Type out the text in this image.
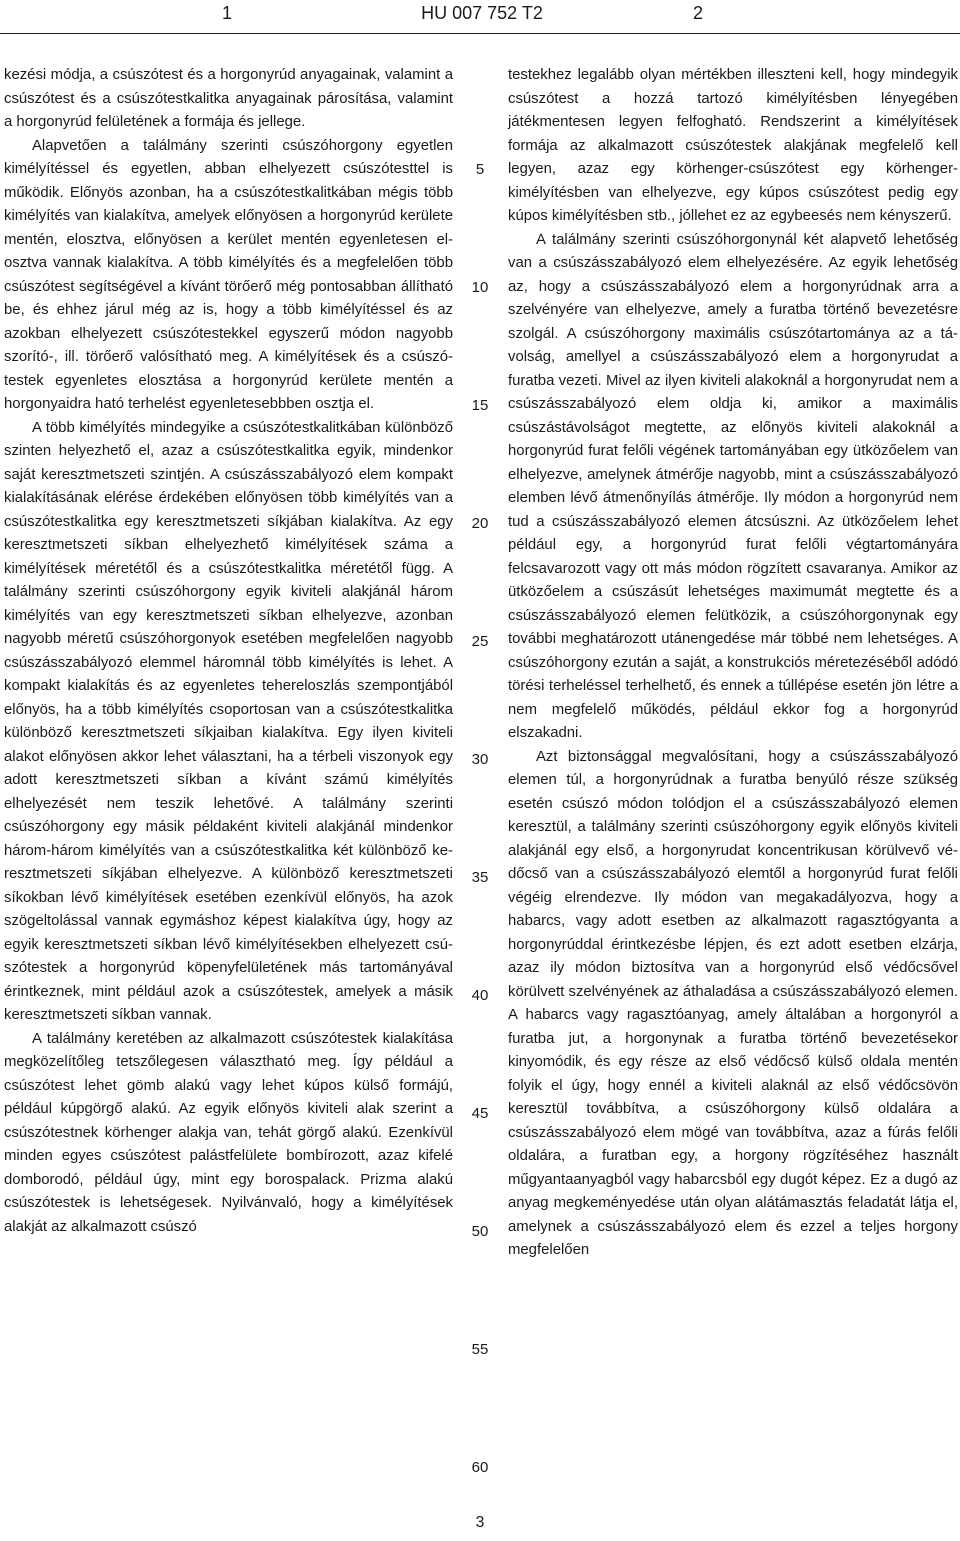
1	HU 007 752 T2	2

kezési módja, a csúszótest és a horgonyrúd anyagainak, valamint a csúszótest és a csúszótestkalitka anyagainak párosítása, valamint a horgonyrúd felületének a formája és jellege.

Alapvetően a találmány szerinti csúszóhorgony egyetlen kimélyítéssel és egyetlen, abban elhelyezett csúszótesttel is működik. Előnyös azonban, ha a csúszótestkalitkában mégis több kimélyítés van kialakítva, amelyek előnyösen a horgonyrúd kerülete mentén, elosztva, előnyösen a kerület mentén egyenletesen elosztva vannak kialakítva. A több kimélyítés és a megfelelően több csúszótest segítségével a kívánt törőerő még pontosabban állítható be, és ehhez járul még az is, hogy a több kimélyítéssel és az azokban elhelyezett csúszótestekkel egyszerű módon nagyobb szorító-, ill. törőerő valósítható meg. A kimélyítések és a csúszótestek egyenletes elosztása a horgonyrúd kerülete mentén a horgonyaidra ható terhelést egyenletesebbben osztja el.

A több kimélyítés mindegyike a csúszótestkalitkában különböző szinten helyezhető el, azaz a csúszótestkalitka egyik, mindenkor saját keresztmetszeti szintjén. A csúszásszabályozó elem kompakt kialakításának elérése érdekében előnyösen több kimélyítés van a csúszótestkalitka egy keresztmetszeti síkjában kialakítva. Az egy keresztmetszeti síkban elhelyezhető kimélyítések száma a kimélyítések méretétől és a csúszótestkalitka méretétől függ. A találmány szerinti csúszóhorgony egyik kiviteli alakjánál három kimélyítés van egy keresztmetszeti síkban elhelyezve, azonban nagyobb méretű csúszóhorgonyok esetében megfelelően nagyobb csúszásszabályozó elemmel háromnál több kimélyítés is lehet. A kompakt kialakítás és az egyenletes tehereloszlás szempontjából előnyös, ha a több kimélyítés csoportosan van a csúszótestkalitka különböző keresztmetszeti síkjaiban kialakítva. Egy ilyen kiviteli alakot előnyösen akkor lehet választani, ha a térbeli viszonyok egy adott keresztmetszeti síkban a kívánt számú kimélyítés elhelyezését nem teszik lehetővé. A találmány szerinti csúszóhorgony egy másik példaként kiviteli alakjánál mindenkor három-három kimélyítés van a csúszótestkalitka két különböző keresztmetszeti síkjában elhelyezve. A különböző keresztmetszeti síkokban lévő kimélyítések esetében ezenkívül előnyös, ha azok szögeltolással vannak egymáshoz képest kialakítva úgy, hogy az egyik keresztmetszeti síkban lévő kimélyítésekben elhelyezett csúszótestek a horgonyrúd köpenyfelületének más tartományával érintkeznek, mint például azok a csúszótestek, amelyek a másik keresztmetszeti síkban vannak.

A találmány keretében az alkalmazott csúszótestek kialakítása megközelítőleg tetszőlegesen választható meg. Így például a csúszótest lehet gömb alakú vagy lehet kúpos külső formájú, például kúpgörgő alakú. Az egyik előnyös kiviteli alak szerint a csúszótestnek körhenger alakja van, tehát görgő alakú. Ezenkívül minden egyes csúszótest palástfelülete bombírozott, azaz kifelé domborodó, például úgy, mint egy borospalack. Prizma alakú csúszótestek is lehetségesek. Nyilvánvaló, hogy a kimélyítések alakját az alkalmazott csúszó

testekhez legalább olyan mértékben illeszteni kell, hogy mindegyik csúszótest a hozzá tartozó kimélyítésben lényegében játékmentesen legyen felfogható. Rendszerint a kimélyítések formája az alkalmazott csúszótestek alakjának megfelelő kell legyen, azaz egy körhenger-csúszótest egy körhenger-kimélyítésben van elhelyezve, egy kúpos csúszótest pedig egy kúpos kimélyítésben stb., jóllehet ez az egybeesés nem kényszerű.

A találmány szerinti csúszóhorgonynál két alapvető lehetőség van a csúszásszabályozó elem elhelyezésére. Az egyik lehetőség az, hogy a csúszásszabályozó elem a horgonyrúdnak arra a szelvényére van elhelyezve, amely a furatba történő bevezetésre szolgál. A csúszóhorgony maximális csúszótartománya az a távolság, amellyel a csúszásszabályozó elem a horgonyrudat a furatba vezeti. Mivel az ilyen kiviteli alakoknál a horgonyrudat nem a csúszásszabályozó elem oldja ki, amikor a maximális csúszástávolságot megtette, az előnyös kiviteli alakoknál a horgonyrúd furat felőli végének tartományában egy ütközőelem van elhelyezve, amelynek átmérője nagyobb, mint a csúszásszabályozó elemben lévő átmenőnyílás átmérője. Ily módon a horgonyrúd nem tud a csúszásszabályozó elemen átcsúszni. Az ütközőelem lehet például egy, a horgonyrúd furat felőli végtartományára felcsavarozott vagy ott más módon rögzített csavaranya. Amikor az ütközőelem a csúszásút lehetséges maximumát megtette és a csúszásszabályozó elemen felütközik, a csúszóhorgonynak egy további meghatározott utánengedése már többé nem lehetséges. A csúszóhorgony ezután a saját, a konstrukciós méretezéséből adódó törési terheléssel terhelhető, és ennek a túllépése esetén jön létre a nem megfelelő működés, például ekkor fog a horgonyrúd elszakadni.

Azt biztonsággal megvalósítani, hogy a csúszásszabályozó elemen túl, a horgonyrúdnak a furatba benyúló része szükség esetén csúszó módon tolódjon el a csúszásszabályozó elemen keresztül, a találmány szerinti csúszóhorgony egyik előnyös kiviteli alakjánál egy első, a horgonyrudat koncentrikusan körülvevő védőcső van a csúszásszabályozó elemtől a horgonyrúd furat felőli végéig elrendezve. Ily módon van megakadályozva, hogy a habarcs, vagy adott esetben az alkalmazott ragasztógyanta a horgonyrúddal érintkezésbe lépjen, és ezt adott esetben elzárja, azaz ily módon biztosítva van a horgonyrúd első védőcsővel körülvett szelvényének az áthaladása a csúszásszabályozó elemen. A habarcs vagy ragasztóanyag, amely általában a horgonyról a furatba jut, a horgonynak a furatba történő bevezetésekor kinyomódik, és egy része az első védőcső külső oldala mentén folyik el úgy, hogy ennél a kiviteli alaknál az első védőcsövön keresztül továbbítva, a csúszóhorgony külső oldalára a csúszásszabályozó elem mögé van továbbítva, azaz a fúrás felőli oldalára, a furatban egy, a horgony rögzítéséhez használt műgyantaanyagból vagy habarcsból egy dugót képez. Ez a dugó az anyag megkeményedése után olyan alátámasztás feladatát látja el, amelynek a csúszásszabályozó elem és ezzel a teljes horgony megfelelően

5
10
15
20
25
30
35
40
45
50
55
60
3
